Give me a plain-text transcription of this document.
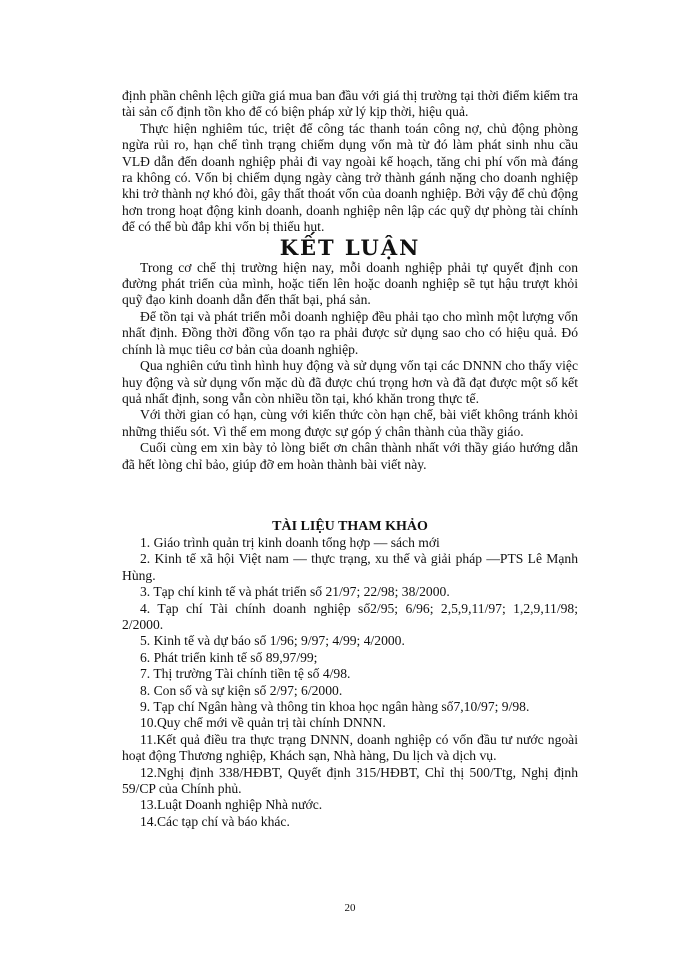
định phần chênh lệch giữa giá mua ban đầu với giá thị trường tại thời điểm kiểm tra tài sản cố định tồn kho để có biện pháp xử lý kịp thời, hiệu quả.

Thực hiện nghiêm túc, triệt để công tác thanh toán công nợ, chủ động phòng ngừa rủi ro, hạn chế tình trạng chiếm dụng vốn mà từ đó làm phát sinh nhu cầu VLĐ dẫn đến doanh nghiệp phải đi vay ngoài kế hoạch, tăng chi phí vốn mà đáng ra không có. Vốn bị chiếm dụng ngày càng trở thành gánh nặng cho doanh nghiệp khi trở thành nợ khó đòi, gây thất thoát vốn của doanh nghiệp. Bởi vậy để chủ động hơn trong hoạt động kinh doanh, doanh nghiệp nên lập các quỹ dự phòng tài chính để có thể bù đắp khi vốn bị thiếu hụt.

KẾT LUẬN

Trong cơ chế thị trường hiện nay, mỗi doanh nghiệp phải tự quyết định con đường phát triển của mình, hoặc tiến lên hoặc doanh nghiệp sẽ tụt hậu trượt khỏi quỹ đạo kinh doanh dẫn đến thất bại, phá sản.

Để tồn tại và phát triển mỗi doanh nghiệp đều phải tạo cho mình một lượng vốn nhất định. Đồng thời đồng vốn tạo ra phải được sử dụng sao cho có hiệu quả. Đó chính là mục tiêu cơ bản của doanh nghiệp.

Qua nghiên cứu tình hình huy động và sử dụng vốn tại các DNNN cho thấy việc huy động và sử dụng vốn mặc dù đã được chú trọng hơn và đã đạt được một số kết quả nhất định, song vẫn còn nhiều tồn tại, khó khăn trong thực tế.

Với thời gian có hạn, cùng với kiến thức còn hạn chế, bài viết không tránh khỏi những thiếu sót. Vì thế em mong được sự góp ý chân thành của thầy giáo.

Cuối cùng em xin bày tỏ lòng biết ơn chân thành nhất với thầy giáo hướng dẫn đã hết lòng chỉ bảo, giúp đỡ em hoàn thành bài viết này.

TÀI LIỆU THAM KHẢO
1. Giáo trình quản trị kinh doanh tổng hợp — sách mới
2. Kinh tế xã hội Việt nam — thực trạng, xu thế và giải pháp —PTS Lê Mạnh Hùng.
3. Tạp chí kinh tế và phát triển số 21/97; 22/98; 38/2000.
4. Tạp chí Tài chính doanh nghiệp số2/95; 6/96; 2,5,9,11/97; 1,2,9,11/98; 2/2000.
5. Kinh tế và dự báo số 1/96; 9/97; 4/99; 4/2000.
6. Phát triển kinh tế số 89,97/99;
7. Thị trường Tài chính tiền tệ số 4/98.
8. Con số và sự kiện số 2/97; 6/2000.
9. Tạp chí Ngân hàng và thông tin khoa học ngân hàng số7,10/97; 9/98.
10.Quy chế mới về quản trị tài chính DNNN.
11.Kết quả điều tra thực trạng DNNN, doanh nghiệp có vốn đầu tư nước ngoài hoạt động Thương nghiệp, Khách sạn, Nhà hàng, Du lịch và dịch vụ.
12.Nghị định 338/HĐBT, Quyết định 315/HĐBT, Chỉ thị 500/Ttg, Nghị định 59/CP của Chính phủ.
13.Luật Doanh nghiệp Nhà nước.
14.Các tạp chí và báo khác.
20
